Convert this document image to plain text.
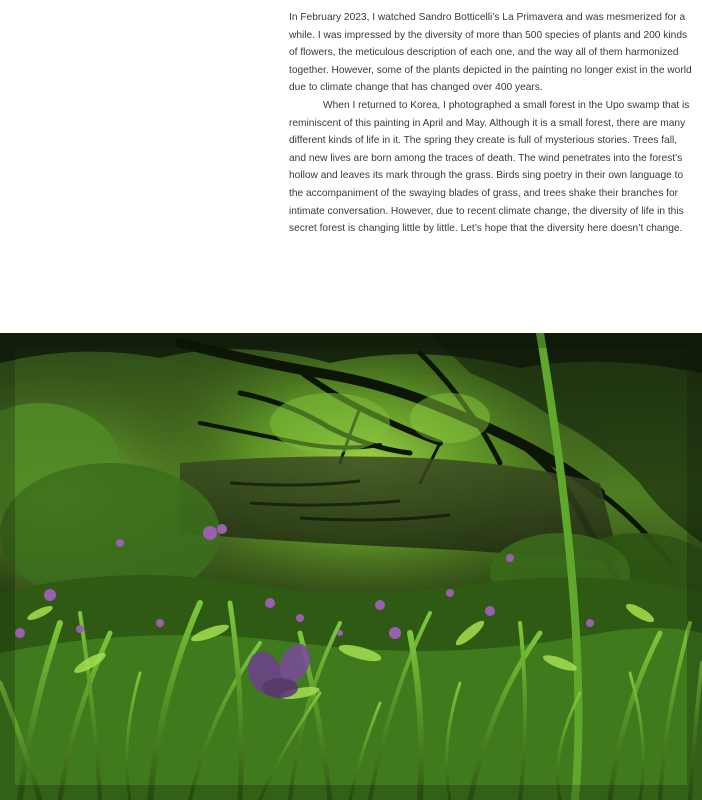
In February 2023, I watched Sandro Botticelli’s La Primavera and was mesmerized for a while. I was impressed by the diversity of more than 500 species of plants and 200 kinds of flowers, the meticulous description of each one, and the way all of them harmonized together. However, some of the plants depicted in the painting no longer exist in the world due to climate change that has changed over 400 years.

When I returned to Korea, I photographed a small forest in the Upo swamp that is reminiscent of this painting in April and May. Although it is a small forest, there are many different kinds of life in it. The spring they create is full of mysterious stories. Trees fall, and new lives are born among the traces of death. The wind penetrates into the forest’s hollow and leaves its mark through the grass. Birds sing poetry in their own language to the accompaniment of the swaying blades of grass, and trees shake their branches for intimate conversation. However, due to recent climate change, the diversity of life in this secret forest is changing little by little. Let’s hope that the diversity here doesn’t change.
